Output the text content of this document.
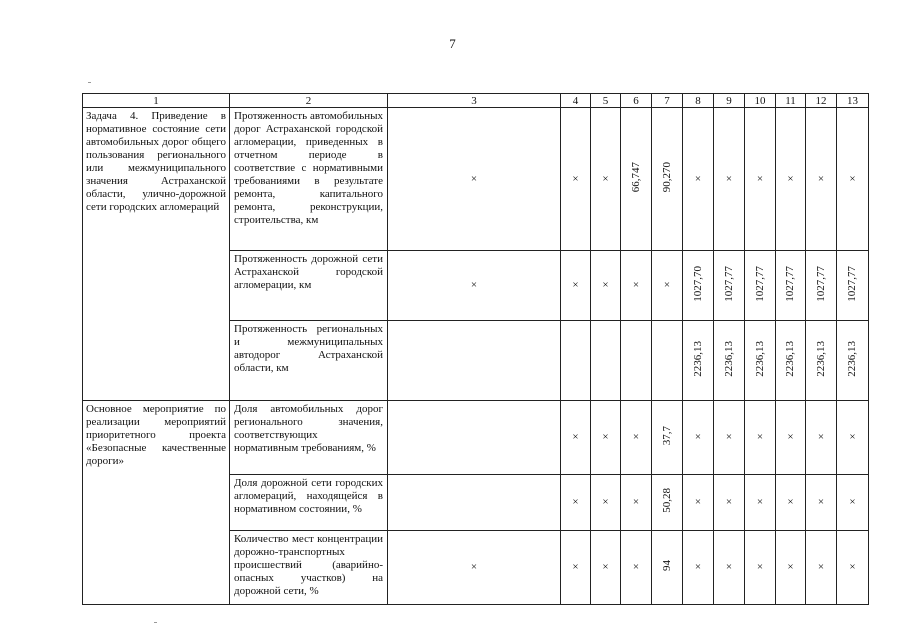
7
1	2	3	4	5	6	7	8	9	10	11	12	13
Задача 4. Приведение в нормативное состояние сети автомобильных дорог общего пользования регионального или межмуниципального значения Астраханской области, улично-дорожной сети городских агломераций	Протяженность автомобильных дорог Астраханской городской агломерации, приведенных в отчетном периоде в соответствие с нормативными требованиями в результате ремонта, капитального ремонта, реконструкции, строительства, км	×	×	×	66,747	90,270	×	×	×	×	×	×
	Протяженность дорожной сети Астраханской городской агломерации, км	×	×	×	×	×	1027,70	1027,77	1027,77	1027,77	1027,77	1027,77
	Протяженность региональных и межмуниципальных автодорог Астраханской области, км						2236,13	2236,13	2236,13	2236,13	2236,13	2236,13
Основное мероприятие по реализации мероприятий приоритетного проекта «Безопасные качественные дороги»	Доля автомобильных дорог регионального значения, соответствующих нормативным требованиям, %		×	×	×	37,7	×	×	×	×	×	×
	Доля дорожной сети городских агломераций, находящейся в нормативном состоянии, %		×	×	×	50,28	×	×	×	×	×	×
	Количество мест концентрации дорожно-транспортных происшествий (аварийно-опасных участков) на дорожной сети, %	×	×	×	×	94	×	×	×	×	×	×
